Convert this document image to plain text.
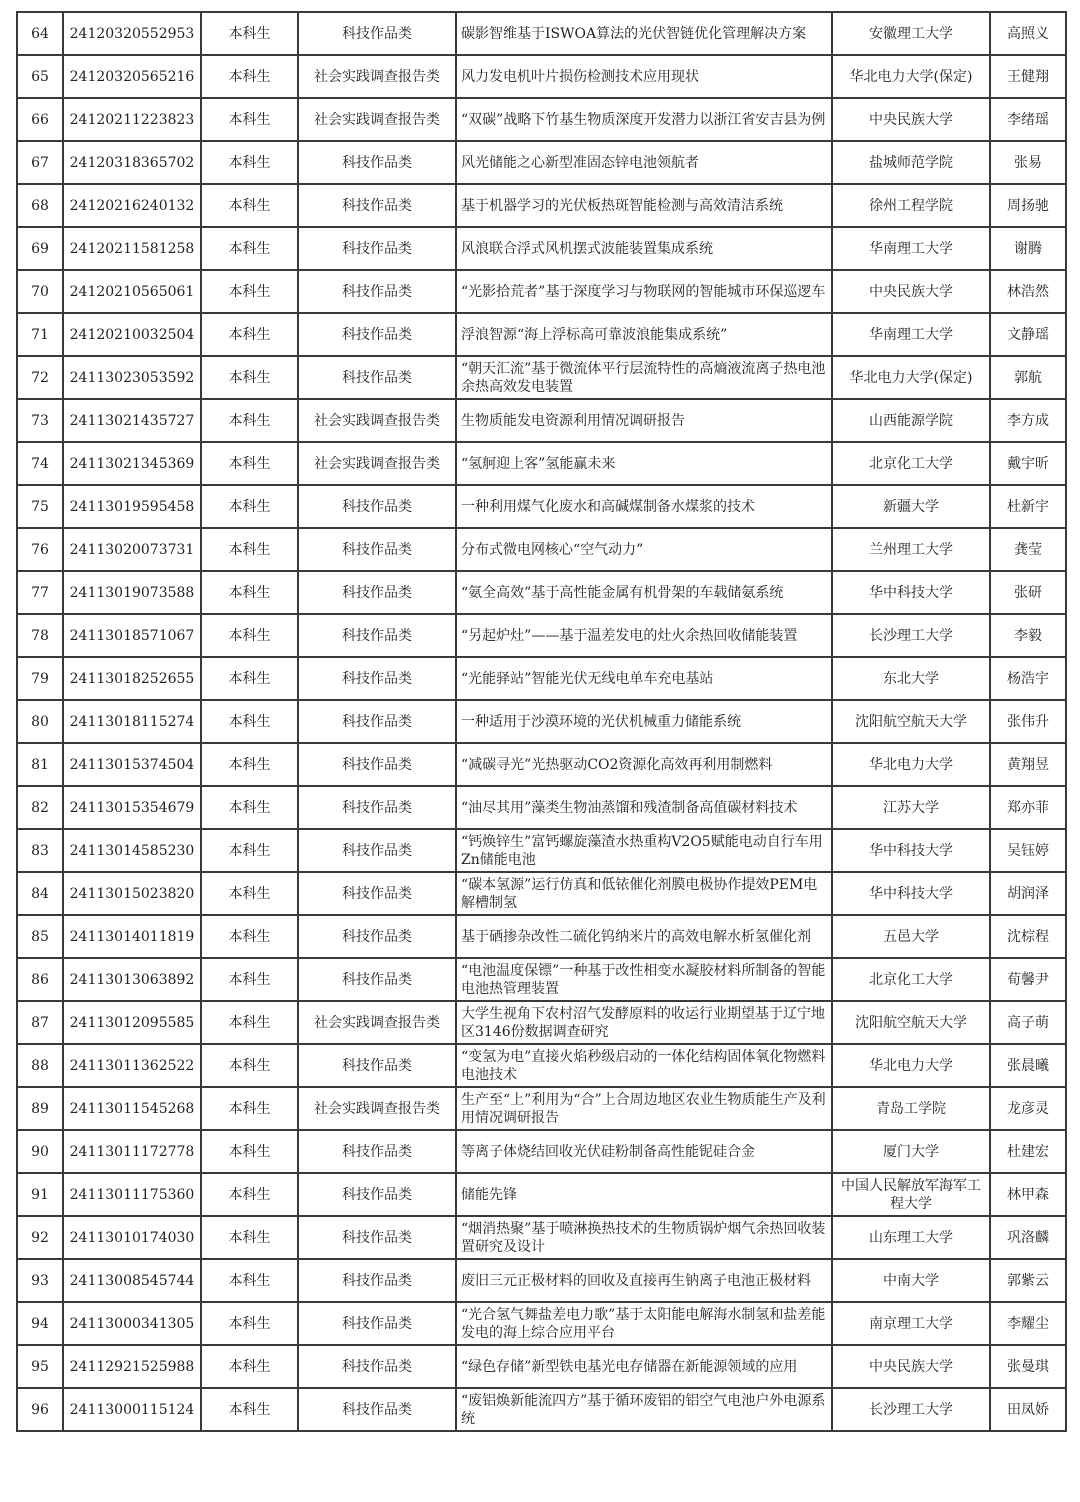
64	24120320552953	本科生	科技作品类	碳影智维基于ISWOA算法的光伏智链优化管理解决方案	安徽理工大学	高照义
65	24120320565216	本科生	社会实践调查报告类	风力发电机叶片损伤检测技术应用现状	华北电力大学(保定)	王健翔
66	24120211223823	本科生	社会实践调查报告类	“双碳”战略下竹基生物质深度开发潜力以浙江省安吉县为例	中央民族大学	李绪瑶
67	24120318365702	本科生	科技作品类	风光储能之心新型准固态锌电池领航者	盐城师范学院	张易
68	24120216240132	本科生	科技作品类	基于机器学习的光伏板热斑智能检测与高效清洁系统	徐州工程学院	周扬驰
69	24120211581258	本科生	科技作品类	风浪联合浮式风机摆式波能装置集成系统	华南理工大学	谢腾
70	24120210565061	本科生	科技作品类	“光影拾荒者”基于深度学习与物联网的智能城市环保巡逻车	中央民族大学	林浩然
71	24120210032504	本科生	科技作品类	浮浪智源“海上浮标高可靠波浪能集成系统”	华南理工大学	文静瑶
72	24113023053592	本科生	科技作品类	“朝天汇流”基于微流体平行层流特性的高熵液流离子热电池余热高效发电装置	华北电力大学(保定)	郭航
73	24113021435727	本科生	社会实践调查报告类	生物质能发电资源利用情况调研报告	山西能源学院	李方成
74	24113021345369	本科生	社会实践调查报告类	“氢舸迎上客”氢能赢未来	北京化工大学	戴宇昕
75	24113019595458	本科生	科技作品类	一种利用煤气化废水和高碱煤制备水煤浆的技术	新疆大学	杜新宇
76	24113020073731	本科生	科技作品类	分布式微电网核心“空气动力”	兰州理工大学	龚莹
77	24113019073588	本科生	科技作品类	“氨全高效”基于高性能金属有机骨架的车载储氨系统	华中科技大学	张研
78	24113018571067	本科生	科技作品类	“另起炉灶”——基于温差发电的灶火余热回收储能装置	长沙理工大学	李毅
79	24113018252655	本科生	科技作品类	“光能驿站”智能光伏无线电单车充电基站	东北大学	杨浩宇
80	24113018115274	本科生	科技作品类	一种适用于沙漠环境的光伏机械重力储能系统	沈阳航空航天大学	张伟升
81	24113015374504	本科生	科技作品类	“减碳寻光”光热驱动CO2资源化高效再利用制燃料	华北电力大学	黄翔昱
82	24113015354679	本科生	科技作品类	“油尽其用”藻类生物油蒸馏和残渣制备高值碳材料技术	江苏大学	郑亦菲
83	24113014585230	本科生	科技作品类	“钙焕锌生”富钙螺旋藻渣水热重构V2O5赋能电动自行车用Zn储能电池	华中科技大学	吴钰婷
84	24113015023820	本科生	科技作品类	“碳本氢源”运行仿真和低铱催化剂膜电极协作提效PEM电解槽制氢	华中科技大学	胡润泽
85	24113014011819	本科生	科技作品类	基于硒掺杂改性二硫化钨纳米片的高效电解水析氢催化剂	五邑大学	沈棕程
86	24113013063892	本科生	科技作品类	“电池温度保镖”一种基于改性相变水凝胶材料所制备的智能电池热管理装置	北京化工大学	荀馨尹
87	24113012095585	本科生	社会实践调查报告类	大学生视角下农村沼气发酵原料的收运行业期望基于辽宁地区3146份数据调查研究	沈阳航空航天大学	高子萌
88	24113011362522	本科生	科技作品类	“变氢为电”直接火焰秒级启动的一体化结构固体氧化物燃料电池技术	华北电力大学	张晨曦
89	24113011545268	本科生	社会实践调查报告类	生产至“上”利用为“合”上合周边地区农业生物质能生产及利用情况调研报告	青岛工学院	龙彦灵
90	24113011172778	本科生	科技作品类	等离子体烧结回收光伏硅粉制备高性能铌硅合金	厦门大学	杜建宏
91	24113011175360	本科生	科技作品类	储能先锋	中国人民解放军海军工程大学	林甲森
92	24113010174030	本科生	科技作品类	“烟消热聚”基于喷淋换热技术的生物质锅炉烟气余热回收装置研究及设计	山东理工大学	巩洛麟
93	24113008545744	本科生	科技作品类	废旧三元正极材料的回收及直接再生钠离子电池正极材料	中南大学	郭紫云
94	24113000341305	本科生	科技作品类	“光合氢气舞盐差电力歌”基于太阳能电解海水制氢和盐差能发电的海上综合应用平台	南京理工大学	李耀尘
95	24112921525988	本科生	科技作品类	“绿色存储”新型铁电基光电存储器在新能源领域的应用	中央民族大学	张曼琪
96	24113000115124	本科生	科技作品类	“废铝焕新能流四方”基于循环废铝的铝空气电池户外电源系统	长沙理工大学	田凤娇
